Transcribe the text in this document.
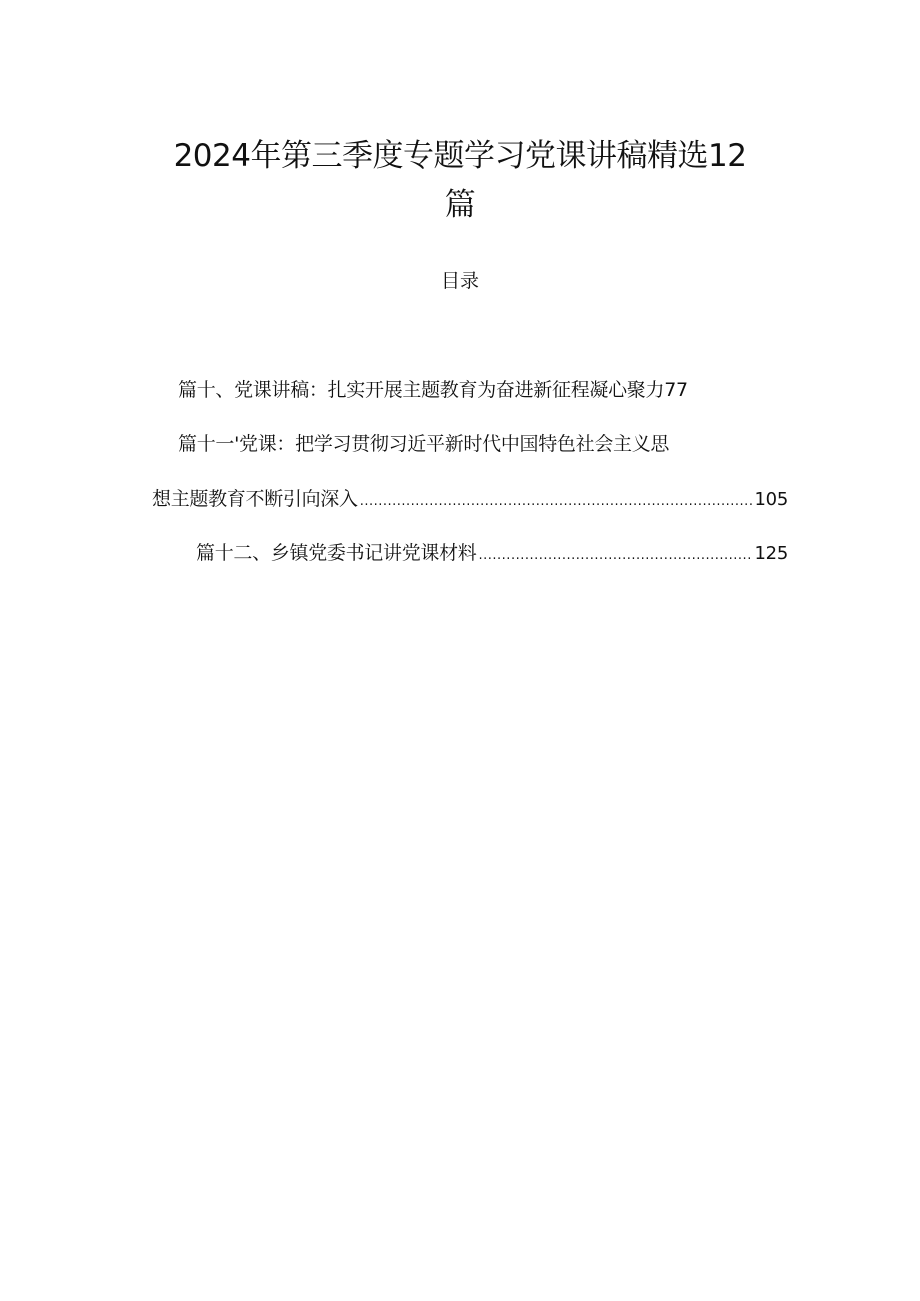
2024年第三季度专题学习党课讲稿精选12
篇
目录
篇十、党课讲稿：扎实开展主题教育为奋进新征程凝心聚力77
篇十一'党课：把学习贯彻习近平新时代中国特色社会主义思
想主题教育不断引向深入 .....	105
篇十二、乡镇党委书记讲党课材料 .....	125
